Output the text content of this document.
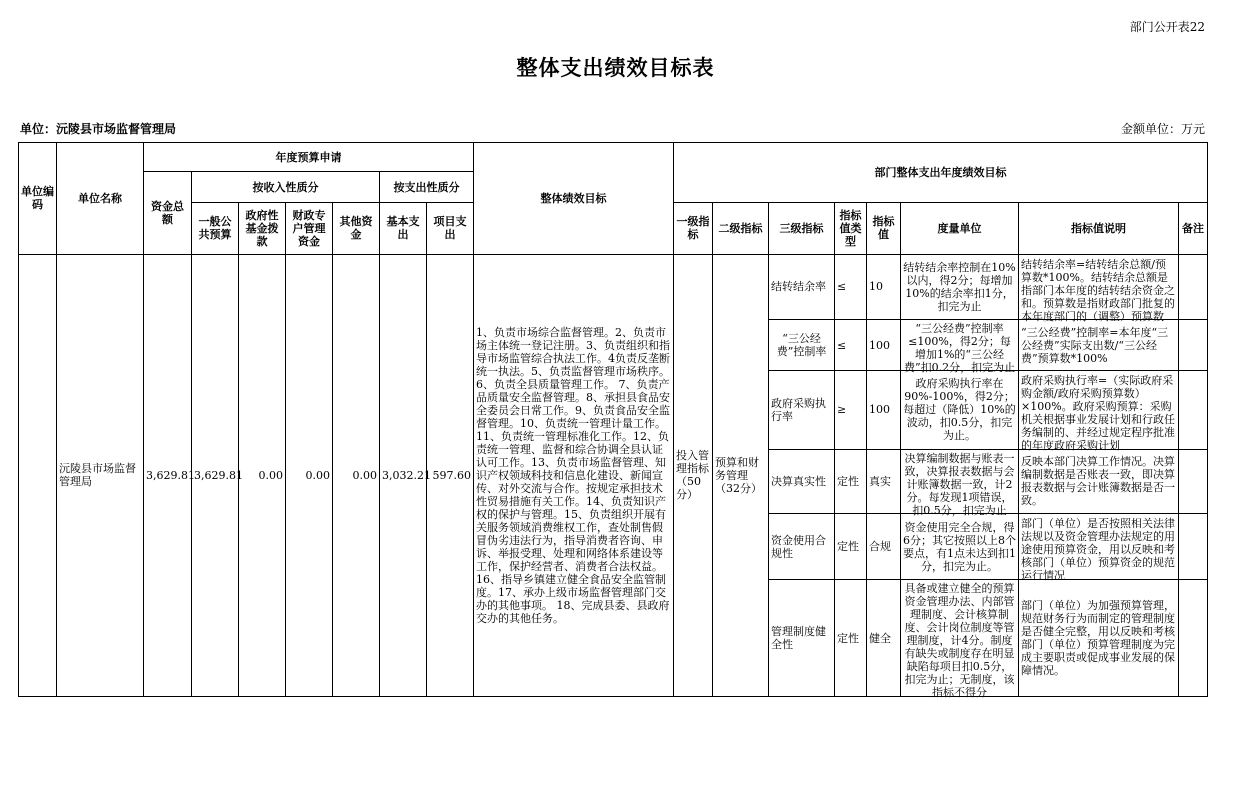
部门公开表22
整体支出绩效目标表
单位：沅陵县市场监督管理局	金额单位：万元
单位编码	单位名称	年度预算申请							整体绩效目标	部门整体支出年度绩效目标							
		资金总额	按收入性质分				按支出性质分										
			一般公共预算	政府性基金拨款	财政专户管理资金	其他资金	基本支出	项目支出		一级指标	二级指标	三级指标	指标值类型	指标值	度量单位	指标值说明	备注
	沅陵县市场监督管理局	3,629.81	3,629.81	0.00	0.00	0.00	3,032.21	597.60	1、负责市场综合监督管理。2、负责市场主体统一登记注册。3、负责组织和指导市场监管综合执法工作。4负责反垄断统一执法。5、负责监督管理市场秩序。6、负责全县质量管理工作。 7、负责产品质量安全监督管理。8、承担县食品安全委员会日常工作。9、负责食品安全监督管理。10、负责统一管理计量工作。11、负责统一管理标准化工作。12、负责统一管理、监督和综合协调全县认证认可工作。13、负责市场监督管理、知识产权领域科技和信息化建设、新闻宣传、对外交流与合作。按规定承担技术性贸易措施有关工作。14、负责知识产权的保护与管理。15、负责组织开展有关服务领域消费维权工作，查处制售假冒伪劣违法行为，指导消费者咨询、申诉、举报受理、处理和网络体系建设等工作，保护经营者、消费者合法权益。16、指导乡镇建立健全食品安全监管制度。17、承办上级市场监督管理部门交办的其他事项。 18、完成县委、县政府交办的其他任务。	投入管理指标（50分）	预算和财务管理（32分）	结转结余率	≤	10	结转结余率控制在10%以内，得2分；每增加10%的结余率扣1分，扣完为止	结转结余率=结转结余总额/预算数*100%。结转结余总额是指部门本年度的结转结余资金之和。预算数是指财政部门批复的本年度部门的（调整）预算数	

												“三公经费”控制率	≤	100	“三公经费”控制率≤100%，得2分；每增加1%的“三公经费”扣0.2分，扣完为止	“三公经费”控制率=本年度“三公经费”实际支出数/“三公经费”预算数*100%	

												政府采购执行率	≥	100	政府采购执行率在90%-100%，得2分；每超过（降低）10%的波动，扣0.5分，扣完为止。	政府采购执行率=（实际政府采购金额/政府采购预算数）×100%。政府采购预算：采购机关根据事业发展计划和行政任务编制的、并经过规定程序批准的年度政府采购计划	

												决算真实性	定性	真实	决算编制数据与账表一致，决算报表数据与会计账簿数据一致，计2分。每发现1项错误，扣0.5分，扣完为止	反映本部门决算工作情况。决算编制数据是否账表一致，即决算报表数据与会计账簿数据是否一致。	

												资金使用合规性	定性	合规	资金使用完全合规，得6分；其它按照以上8个要点，有1点未达到扣1分，扣完为止。	部门（单位）是否按照相关法律法规以及资金管理办法规定的用途使用预算资金，用以反映和考核部门（单位）预算资金的规范运行情况	

												管理制度健全性	定性	健全	具备或建立健全的预算资金管理办法、内部管理制度、会计核算制度、会计岗位制度等管理制度，计4分。制度有缺失或制度存在明显缺陷每项目扣0.5分，扣完为止；无制度，该指标不得分	部门（单位）为加强预算管理，规范财务行为而制定的管理制度是否健全完整，用以反映和考核部门（单位）预算管理制度为完成主要职责或促成事业发展的保障情况。	
